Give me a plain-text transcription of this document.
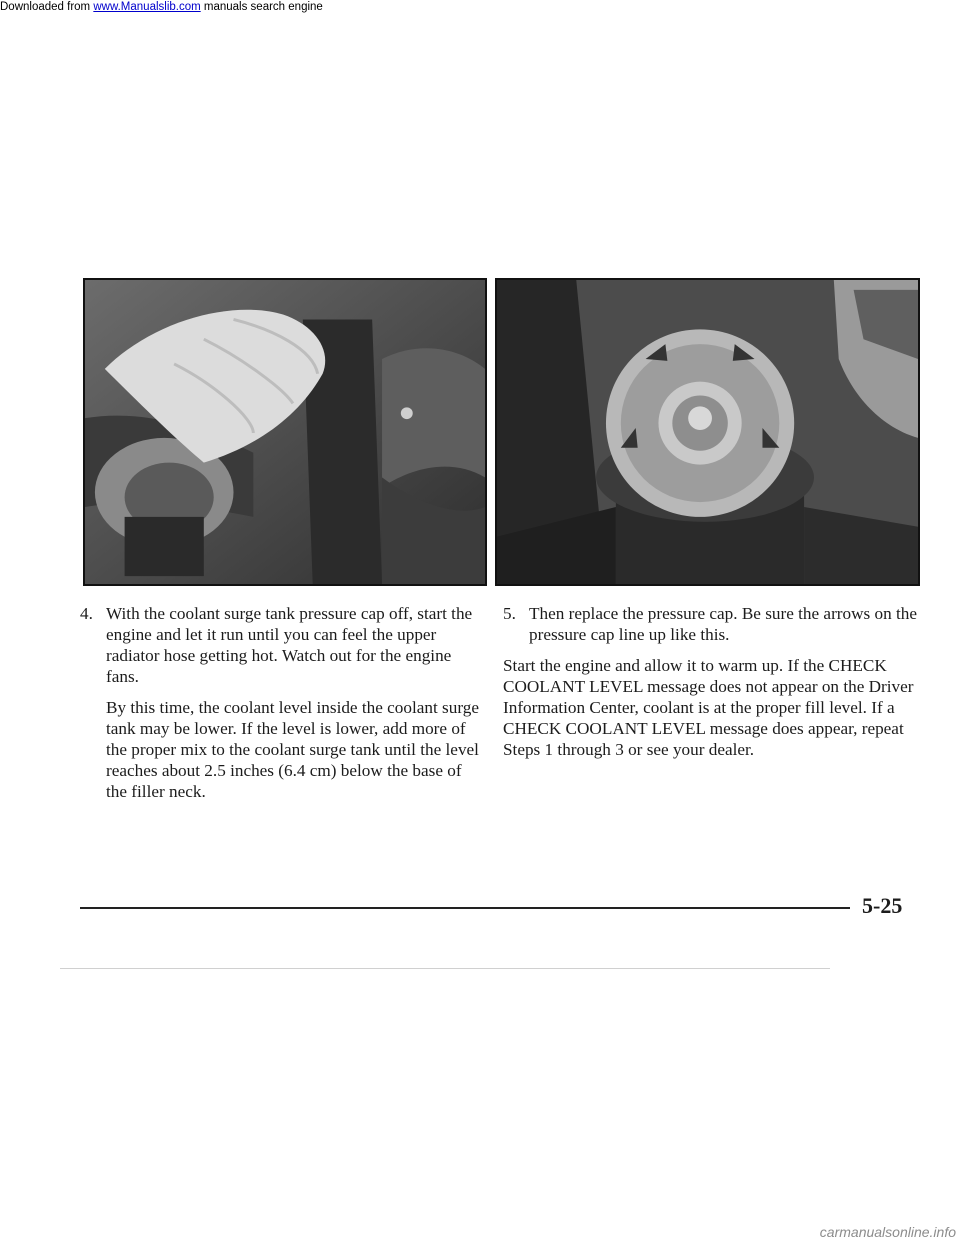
Downloaded from www.Manualslib.com manuals search engine

4. With the coolant surge tank pressure cap off, start the engine and let it run until you can feel the upper radiator hose getting hot. Watch out for the engine fans.

By this time, the coolant level inside the coolant surge tank may be lower. If the level is lower, add more of the proper mix to the coolant surge tank until the level reaches about 2.5 inches (6.4 cm) below the base of the filler neck.

5. Then replace the pressure cap. Be sure the arrows on the pressure cap line up like this.

Start the engine and allow it to warm up. If the CHECK COOLANT LEVEL message does not appear on the Driver Information Center, coolant is at the proper fill level. If a CHECK COOLANT LEVEL message does appear, repeat Steps 1 through 3 or see your dealer.

5-25
carmanualsonline.info
